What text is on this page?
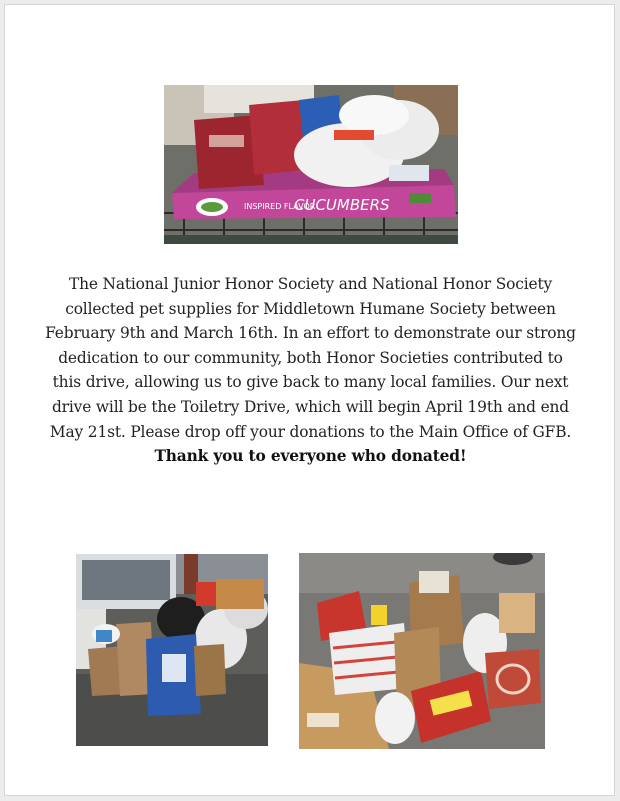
INSPIRED FLAVOR
CUCUMBERS

The National Junior Honor Society and National Honor Society collected pet supplies for Middletown Humane Society between February 9th and March 16th. In an effort to demonstrate our strong dedication to our community, both Honor Societies contributed to this drive, allowing us to give back to many local families. Our next drive will be the Toiletry Drive, which will begin April 19th and end May 21st. Please drop off your donations to the Main Office of GFB.

Thank you to everyone who donated!
